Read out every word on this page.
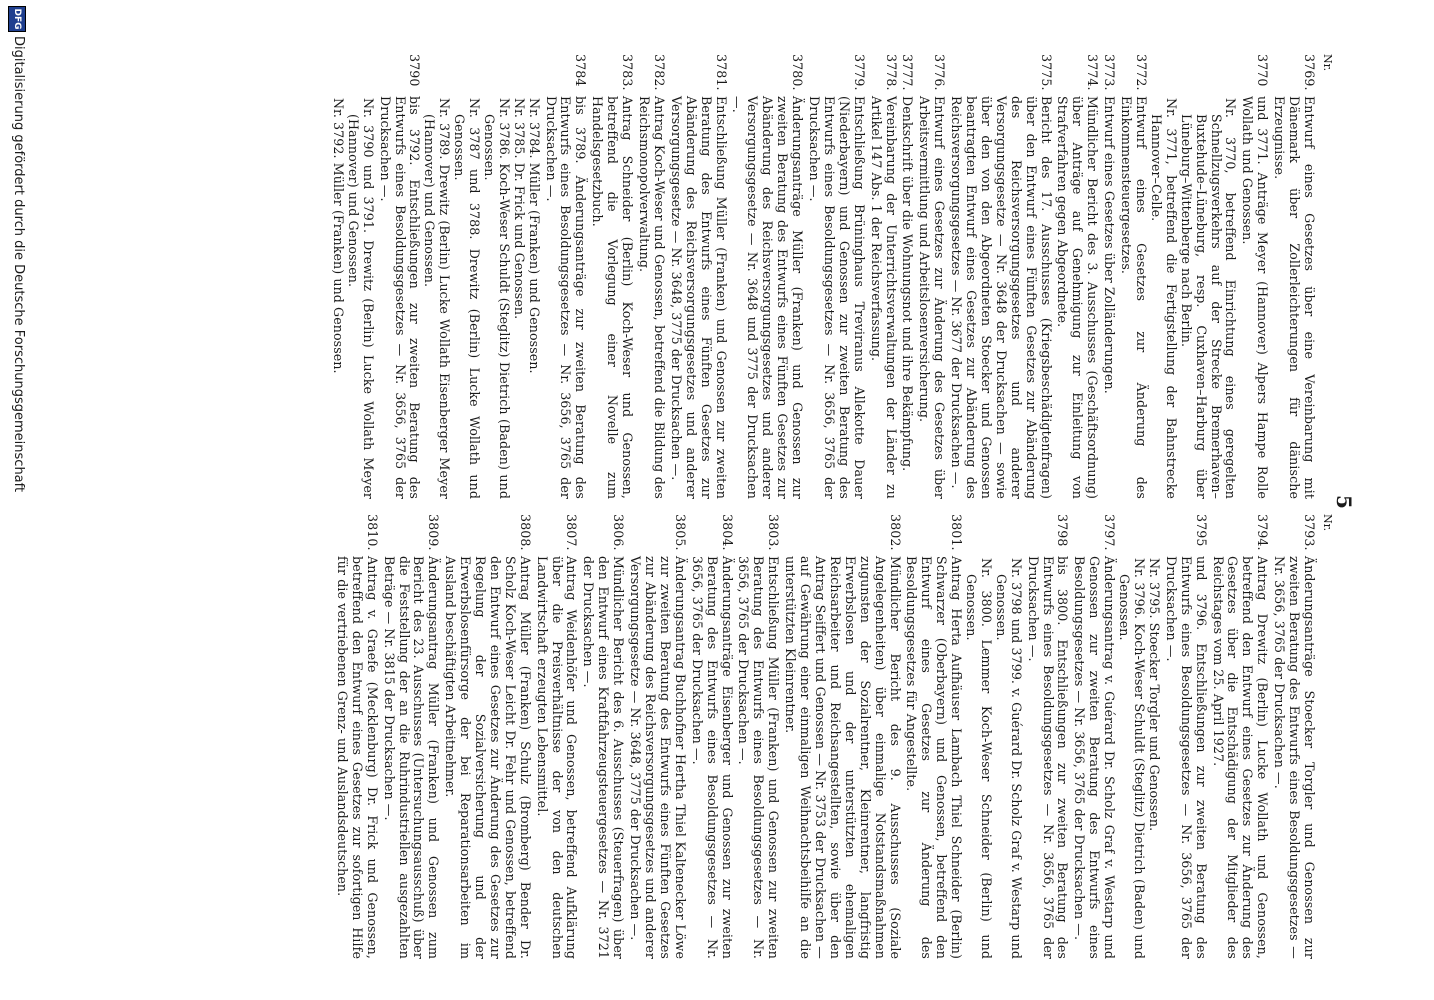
5
Nr.
Nr.
3769.
Entwurf eines Gesetzes über eine Vereinbarung mit Dänemark über Zollerleichterungen für dänische Erzeugnisse.
3770
und 3771. Anträge Meyer (Hannover) Alpers Hampe Rolle Wollath und Genossen.
Nr. 3770, betreffend Einrichtung eines geregelten Schnellzugsverkehrs auf der Strecke Bremerhaven–Buxtehude–Lüneburg, resp. Cuxhaven–Harburg über Lüneburg–Wittenberge nach Berlin.
Nr. 3771, betreffend die Fertigstellung der Bahnstrecke Hannover–Celle.
3772.
Entwurf eines Gesetzes zur Änderung des Einkommensteuergesetzes.
3773.
Entwurf eines Gesetzes über Zolländerungen.
3774.
Mündlicher Bericht des 3. Ausschusses (Geschäftsordnung) über Anträge auf Genehmigung zur Einleitung von Strafverfahren gegen Abgeordnete.
3775.
Bericht des 17. Ausschusses (Kriegsbeschädigtenfragen) über den Entwurf eines Fünften Gesetzes zur Abänderung des Reichsversorgungsgesetzes und anderer Versorgungsgesetze — Nr. 3648 der Drucksachen — sowie über den von den Abgeordneten Stoecker und Genossen beantragten Entwurf eines Gesetzes zur Abänderung des Reichsversorgungsgesetzes — Nr. 3677 der Drucksachen —.
3776.
Entwurf eines Gesetzes zur Änderung des Gesetzes über Arbeitsvermittlung und Arbeitslosenversicherung.
3777.
Denkschrift über die Wohnungsnot und ihre Bekämpfung.
3778.
Vereinbarung der Unterrichtsverwaltungen der Länder zu Artikel 147 Abs. 1 der Reichsverfassung.
3779.
Entschließung Brüninghaus Treviranus Allekotte Dauer (Niederbayern) und Genossen zur zweiten Beratung des Entwurfs eines Besoldungsgesetzes — Nr. 3656, 3765 der Drucksachen —.
3780.
Änderungsanträge Müller (Franken) und Genossen zur zweiten Beratung des Entwurfs eines Fünften Gesetzes zur Abänderung des Reichsversorgungsgesetzes und anderer Versorgungsgesetze — Nr. 3648 und 3775 der Drucksachen —.
3781.
Entschließung Müller (Franken) und Genossen zur zweiten Beratung des Entwurfs eines Fünften Gesetzes zur Abänderung des Reichsversorgungsgesetzes und anderer Versorgungsgesetze — Nr. 3648, 3775 der Drucksachen —.
3782.
Antrag Koch-Weser und Genossen, betreffend die Bildung des Reichsmonopolverwaltung.
3783.
Antrag Schneider (Berlin) Koch-Weser und Genossen, betreffend die Vorlegung einer Novelle zum Handelsgesetzbuch.
3784
bis 3789. Änderungsanträge zur zweiten Beratung des Entwurfs eines Besoldungsgesetzes — Nr. 3656, 3765 der Drucksachen —.
Nr. 3784. Müller (Franken) und Genossen.
Nr. 3785. Dr. Frick und Genossen.
Nr. 3786. Koch-Weser Schuldt (Steglitz) Dietrich (Baden) und Genossen.
Nr. 3787 und 3788. Drewitz (Berlin) Lucke Wollath und Genossen.
Nr. 3789. Drewitz (Berlin) Lucke Wollath Eisenberger Meyer (Hannover) und Genossen.
3790
bis 3792. Entschließungen zur zweiten Beratung des Entwurfs eines Besoldungsgesetzes — Nr. 3656, 3765 der Drucksachen —.
Nr. 3790 und 3791. Drewitz (Berlin) Lucke Wollath Meyer (Hannover) und Genossen.
Nr. 3792. Müller (Franken) und Genossen.
3793.
Änderungsanträge Stoecker Torgler und Genossen zur zweiten Beratung des Entwurfs eines Besoldungsgesetzes — Nr. 3656, 3765 der Drucksachen —.
3794.
Antrag Drewitz (Berlin) Lucke Wollath und Genossen, betreffend den Entwurf eines Gesetzes zur Änderung des Gesetzes über die Entschädigung der Mitglieder des Reichstages vom 25. April 1927.
3795
und 3796. Entschließungen zur zweiten Beratung des Entwurfs eines Besoldungsgesetzes — Nr. 3656, 3765 der Drucksachen —.
Nr. 3795. Stoecker Torgler und Genossen.
Nr. 3796. Koch-Weser Schuldt (Steglitz) Dietrich (Baden) und Genossen.
3797.
Änderungsantrag v. Guérard Dr. Scholz Graf v. Westarp und Genossen zur zweiten Beratung des Entwurfs eines Besoldungsgesetzes — Nr. 3656, 3765 der Drucksachen —.
3798
bis 3800. Entschließungen zur zweiten Beratung des Entwurfs eines Besoldungsgesetzes — Nr. 3656, 3765 der Drucksachen —.
Nr. 3798 und 3799. v. Guérard Dr. Scholz Graf v. Westarp und Genossen.
Nr. 3800. Lemmer Koch-Weser Schneider (Berlin) und Genossen.
3801.
Antrag Herta Aufhäuser Lambach Thiel Schneider (Berlin) Schwarzer (Oberbayern) und Genossen, betreffend den Entwurf eines Gesetzes zur Änderung des Besoldungsgesetzes für Angestellte.
3802.
Mündlicher Bericht des 9. Ausschusses (Soziale Angelegenheiten) über einmalige Notstandsmaßnahmen zugunsten der Sozialrentner, Kleinrentner, langfristig Erwerbslosen und der unterstützten ehemaligen Reichsarbeiter und Reichsangestellten, sowie über den Antrag Seiffert und Genossen — Nr. 3753 der Drucksachen — auf Gewährung einer einmaligen Weihnachtsbeihilfe an die unterstützten Kleinrentner.
3803.
Entschließung Müller (Franken) und Genossen zur zweiten Beratung des Entwurfs eines Besoldungsgesetzes — Nr. 3656, 3765 der Drucksachen —.
3804.
Änderungsanträge Eisenberger und Genossen zur zweiten Beratung des Entwurfs eines Besoldungsgesetzes — Nr. 3656, 3765 der Drucksachen —.
3805.
Änderungsantrag Buchhofner Hertha Thiel Kaltenecker Löwe zur zweiten Beratung des Entwurfs eines Fünften Gesetzes zur Abänderung des Reichsversorgungsgesetzes und anderer Versorgungsgesetze — Nr. 3648, 3775 der Drucksachen —.
3806.
Mündlicher Bericht des 6. Ausschusses (Steuerfragen) über den Entwurf eines Kraftfahrzeugsteuergesetzes — Nr. 3721 der Drucksachen —.
3807.
Antrag Weidenhöfer und Genossen, betreffend Aufklärung über die Preisverhältnisse der von den deutschen Landwirtschaft erzeugten Lebensmittel.
3808.
Antrag Müller (Franken) Schulz (Bromberg) Bender Dr. Scholz Koch-Weser Leicht Dr. Fehr und Genossen, betreffend den Entwurf eines Gesetzes zur Änderung des Gesetzes zur Regelung der Sozialversicherung und der Erwerbslosenfürsorge der bei Reparationsarbeiten im Ausland beschäftigten Arbeitnehmer.
3809.
Änderungsantrag Müller (Franken) und Genossen zum Bericht des 23. Ausschusses (Untersuchungsausschuß) über die Feststellung der an die Ruhrindustriellen ausgezahlten Beträge — Nr. 3815 der Drucksachen —.
3810.
Antrag v. Graefe (Mecklenburg) Dr. Frick und Genossen, betreffend den Entwurf eines Gesetzes zur sofortigen Hilfe für die vertriebenen Grenz- und Auslandsdeutschen.
DFG
Digitalisierung gefördert durch die Deutsche Forschungsgemeinschaft
